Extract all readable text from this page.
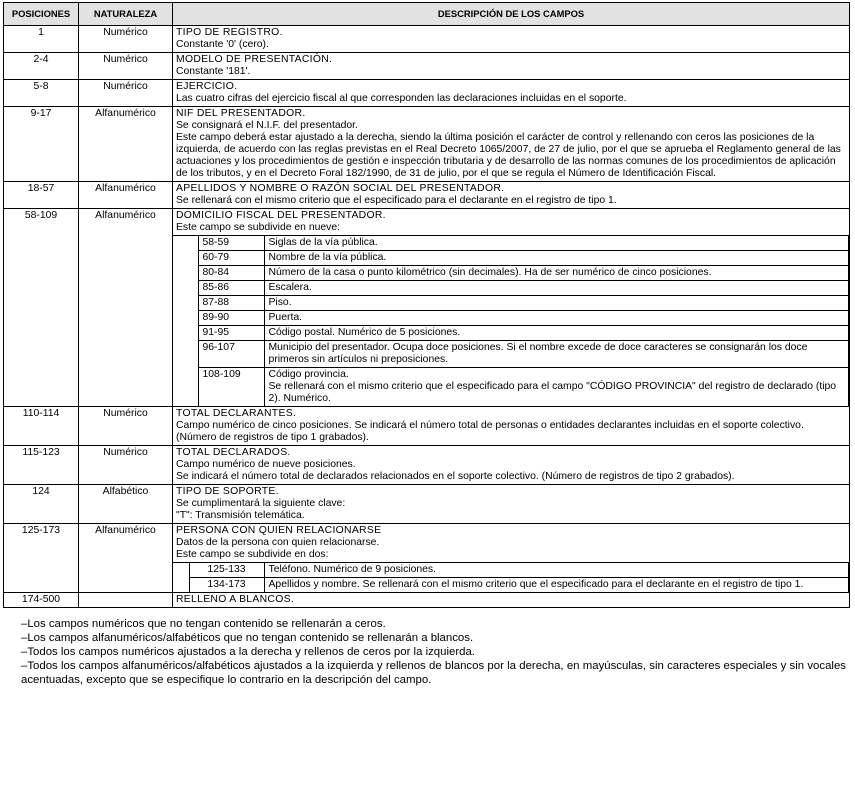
POSICIONES	NATURALEZA	DESCRIPCIÓN DE LOS CAMPOS
1	Numérico	TIPO DE REGISTRO.
Constante '0' (cero).

2-4	Numérico	MODELO DE PRESENTACIÓN.
Constante '181'.

5-8	Numérico	EJERCICIO.
Las cuatro cifras del ejercicio fiscal al que corresponden las declaraciones incluidas en el soporte.

9-17	Alfanumérico	NIF DEL PRESENTADOR.
Se consignará el N.I.F. del presentador.
Este campo deberá estar ajustado a la derecha, siendo la última posición el carácter de control y rellenando con ceros las posiciones de la izquierda, de acuerdo con las reglas previstas en el Real Decreto 1065/2007, de 27 de julio, por el que se aprueba el Reglamento general de las actuaciones y los procedimientos de gestión e inspección tributaria y de desarrollo de las normas comunes de los procedimientos de aplicación de los tributos, y en el Decreto Foral 182/1990, de 31 de julio, por el que se regula el Número de Identificación Fiscal.

18-57	Alfanumérico	APELLIDOS Y NOMBRE O RAZÓN SOCIAL DEL PRESENTADOR.
Se rellenará con el mismo criterio que el especificado para el declarante en el registro de tipo 1.

58-109	Alfanumérico	DOMICILIO FISCAL DEL PRESENTADOR.
Este campo se subdivide en nueve:

	58-59	Siglas de la vía pública.
	60-79	Nombre de la vía pública.
	80-84	Número de la casa o punto kilométrico (sin decimales). Ha de ser numérico de cinco posiciones.
	85-86	Escalera.
	87-88	Piso.
	89-90	Puerta.
	91-95	Código postal. Numérico de 5 posiciones.
	96-107	Municipio del presentador. Ocupa doce posiciones. Si el nombre excede de doce caracteres se consignarán los doce primeros sin artículos ni preposiciones.
	108-109	Código provincia.
Se rellenará con el mismo criterio que el especificado para el campo "CÓDIGO PROVINCIA" del registro de declarado (tipo 2). Numérico.

110-114	Numérico	TOTAL DECLARANTES.
Campo numérico de cinco posiciones. Se indicará el número total de personas o entidades declarantes incluidas en el soporte colectivo. (Número de registros de tipo 1 grabados).

115-123	Numérico	TOTAL DECLARADOS.
Campo numérico de nueve posiciones.
Se indicará el número total de declarados relacionados en el soporte colectivo. (Número de registros de tipo 2 grabados).

124	Alfabético	TIPO DE SOPORTE.
Se cumplimentará la siguiente clave:
"T": Transmisión telemática.

125-173	Alfanumérico	PERSONA CON QUIEN RELACIONARSE
Datos de la persona con quien relacionarse.
Este campo se subdivide en dos:

	125-133	Teléfono. Numérico de 9 posiciones.
	134-173	Apellidos y nombre. Se rellenará con el mismo criterio que el especificado para el declarante en el registro de tipo 1.

174-500		RELLENO A BLANCOS.
–Los campos numéricos que no tengan contenido se rellenarán a ceros.
–Los campos alfanuméricos/alfabéticos que no tengan contenido se rellenarán a blancos.
–Todos los campos numéricos ajustados a la derecha y rellenos de ceros por la izquierda.
–Todos los campos alfanuméricos/alfabéticos ajustados a la izquierda y rellenos de blancos por la derecha, en mayúsculas, sin caracteres especiales y sin vocales acentuadas, excepto que se especifique lo contrario en la descripción del campo.
